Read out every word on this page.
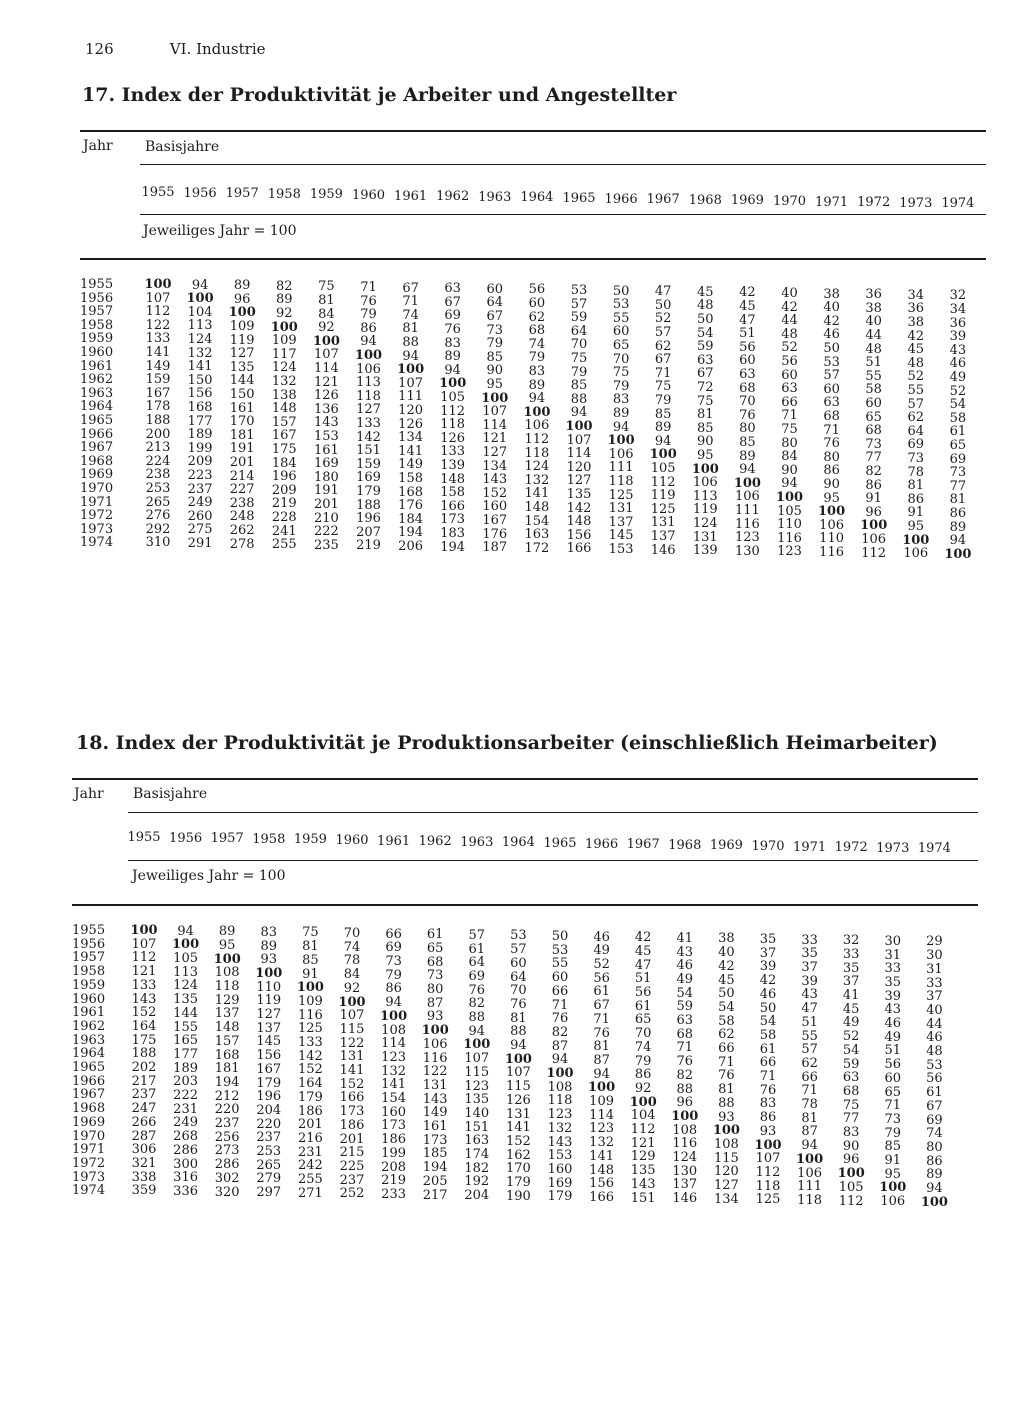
126	VI. Industrie
17. Index der Produktivität je Arbeiter und Angestellter
Jahr Basisjahre
1955 1956 1957 1958 1959 1960 1961 1962 1963 1964 1965 1966 1967 1968 1969 1970 1971 1972 1973 1974
Jeweiliges Jahr = 100
1955	100	94	89	82	75	71	67	63	60	56	53	50	47	45	42	40	38	36	34	32
1956	107	100	96	89	81	76	71	67	64	60	57	53	50	48	45	42	40	38	36	34
1957	112	104	100	92	84	79	74	69	67	62	59	55	52	50	47	44	42	40	38	36
1958	122	113	109	100	92	86	81	76	73	68	64	60	57	54	51	48	46	44	42	39
1959	133	124	119	109	100	94	88	83	79	74	70	65	62	59	56	52	50	48	45	43
1960	141	132	127	117	107	100	94	89	85	79	75	70	67	63	60	56	53	51	48	46
1961	149	141	135	124	114	106	100	94	90	83	79	75	71	67	63	60	57	55	52	49
1962	159	150	144	132	121	113	107	100	95	89	85	79	75	72	68	63	60	58	55	52
1963	167	156	150	138	126	118	111	105	100	94	88	83	79	75	70	66	63	60	57	54
1964	178	168	161	148	136	127	120	112	107	100	94	89	85	81	76	71	68	65	62	58
1965	188	177	170	157	143	133	126	118	114	106	100	94	89	85	80	75	71	68	64	61
1966	200	189	181	167	153	142	134	126	121	112	107	100	94	90	85	80	76	73	69	65
1967	213	199	191	175	161	151	141	133	127	118	114	106	100	95	89	84	80	77	73	69
1968	224	209	201	184	169	159	149	139	134	124	120	111	105	100	94	90	86	82	78	73
1969	238	223	214	196	180	169	158	148	143	132	127	118	112	106	100	94	90	86	81	77
1970	253	237	227	209	191	179	168	158	152	141	135	125	119	113	106	100	95	91	86	81
1971	265	249	238	219	201	188	176	166	160	148	142	131	125	119	111	105	100	96	91	86
1972	276	260	248	228	210	196	184	173	167	154	148	137	131	124	116	110	106	100	95	89
1973	292	275	262	241	222	207	194	183	176	163	156	145	137	131	123	116	110	106	100	94
1974	310	291	278	255	235	219	206	194	187	172	166	153	146	139	130	123	116	112	106	100
18. Index der Produktivität je Produktionsarbeiter (einschließlich Heimarbeiter)
Jahr Basisjahre
1955 1956 1957 1958 1959 1960 1961 1962 1963 1964 1965 1966 1967 1968 1969 1970 1971 1972 1973 1974
Jeweiliges Jahr = 100
1955	100	94	89	83	75	70	66	61	57	53	50	46	42	41	38	35	33	32	30	29
1956	107	100	95	89	81	74	69	65	61	57	53	49	45	43	40	37	35	33	31	30
1957	112	105	100	93	85	78	73	68	64	60	55	52	47	46	42	39	37	35	33	31
1958	121	113	108	100	91	84	79	73	69	64	60	56	51	49	45	42	39	37	35	33
1959	133	124	118	110	100	92	86	80	76	70	66	61	56	54	50	46	43	41	39	37
1960	143	135	129	119	109	100	94	87	82	76	71	67	61	59	54	50	47	45	43	40
1961	152	144	137	127	116	107	100	93	88	81	76	71	65	63	58	54	51	49	46	44
1962	164	155	148	137	125	115	108	100	94	88	82	76	70	68	62	58	55	52	49	46
1963	175	165	157	145	133	122	114	106	100	94	87	81	74	71	66	61	57	54	51	48
1964	188	177	168	156	142	131	123	116	107	100	94	87	79	76	71	66	62	59	56	53
1965	202	189	181	167	152	141	132	122	115	107	100	94	86	82	76	71	66	63	60	56
1966	217	203	194	179	164	152	141	131	123	115	108	100	92	88	81	76	71	68	65	61
1967	237	222	212	196	179	166	154	143	135	126	118	109	100	96	88	83	78	75	71	67
1968	247	231	220	204	186	173	160	149	140	131	123	114	104	100	93	86	81	77	73	69
1969	266	249	237	220	201	186	173	161	151	141	132	123	112	108	100	93	87	83	79	74
1970	287	268	256	237	216	201	186	173	163	152	143	132	121	116	108	100	94	90	85	80
1971	306	286	273	253	231	215	199	185	174	162	153	141	129	124	115	107	100	96	91	86
1972	321	300	286	265	242	225	208	194	182	170	160	148	135	130	120	112	106	100	95	89
1973	338	316	302	279	255	237	219	205	192	179	169	156	143	137	127	118	111	105	100	94
1974	359	336	320	297	271	252	233	217	204	190	179	166	151	146	134	125	118	112	106	100
